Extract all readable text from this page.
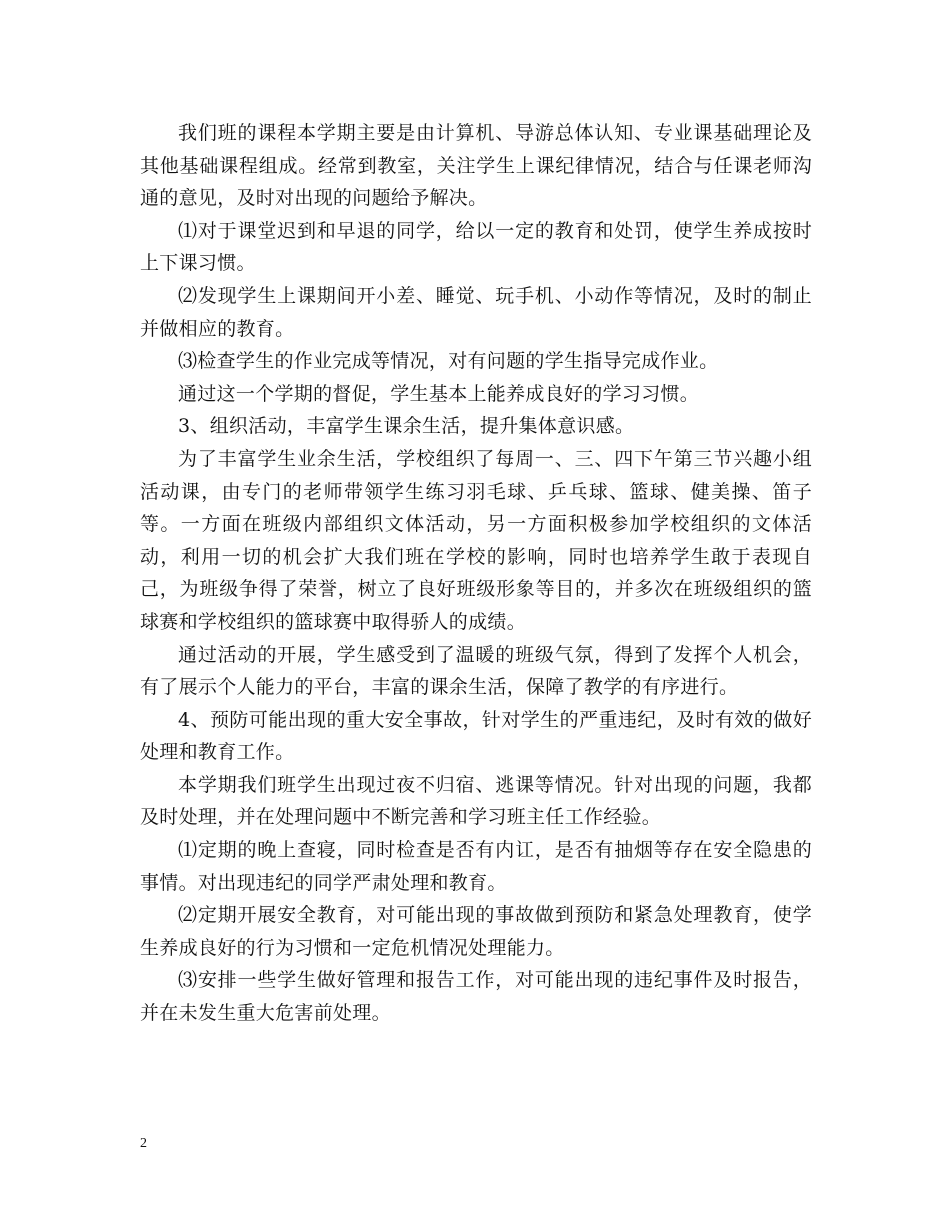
我们班的课程本学期主要是由计算机、导游总体认知、专业课基础理论及其他基础课程组成。经常到教室，关注学生上课纪律情况，结合与任课老师沟通的意见，及时对出现的问题给予解决。

⑴对于课堂迟到和早退的同学，给以一定的教育和处罚，使学生养成按时上下课习惯。

⑵发现学生上课期间开小差、睡觉、玩手机、小动作等情况，及时的制止并做相应的教育。

⑶检查学生的作业完成等情况，对有问题的学生指导完成作业。

通过这一个学期的督促，学生基本上能养成良好的学习习惯。

3、组织活动，丰富学生课余生活，提升集体意识感。

为了丰富学生业余生活，学校组织了每周一、三、四下午第三节兴趣小组活动课，由专门的老师带领学生练习羽毛球、乒乓球、篮球、健美操、笛子等。一方面在班级内部组织文体活动，另一方面积极参加学校组织的文体活动，利用一切的机会扩大我们班在学校的影响，同时也培养学生敢于表现自己，为班级争得了荣誉，树立了良好班级形象等目的，并多次在班级组织的篮球赛和学校组织的篮球赛中取得骄人的成绩。

通过活动的开展，学生感受到了温暖的班级气氛，得到了发挥个人机会，有了展示个人能力的平台，丰富的课余生活，保障了教学的有序进行。

4、预防可能出现的重大安全事故，针对学生的严重违纪，及时有效的做好处理和教育工作。

本学期我们班学生出现过夜不归宿、逃课等情况。针对出现的问题，我都及时处理，并在处理问题中不断完善和学习班主任工作经验。

⑴定期的晚上查寝，同时检查是否有内讧，是否有抽烟等存在安全隐患的事情。对出现违纪的同学严肃处理和教育。

⑵定期开展安全教育，对可能出现的事故做到预防和紧急处理教育，使学生养成良好的行为习惯和一定危机情况处理能力。

⑶安排一些学生做好管理和报告工作，对可能出现的违纪事件及时报告，并在未发生重大危害前处理。

2
